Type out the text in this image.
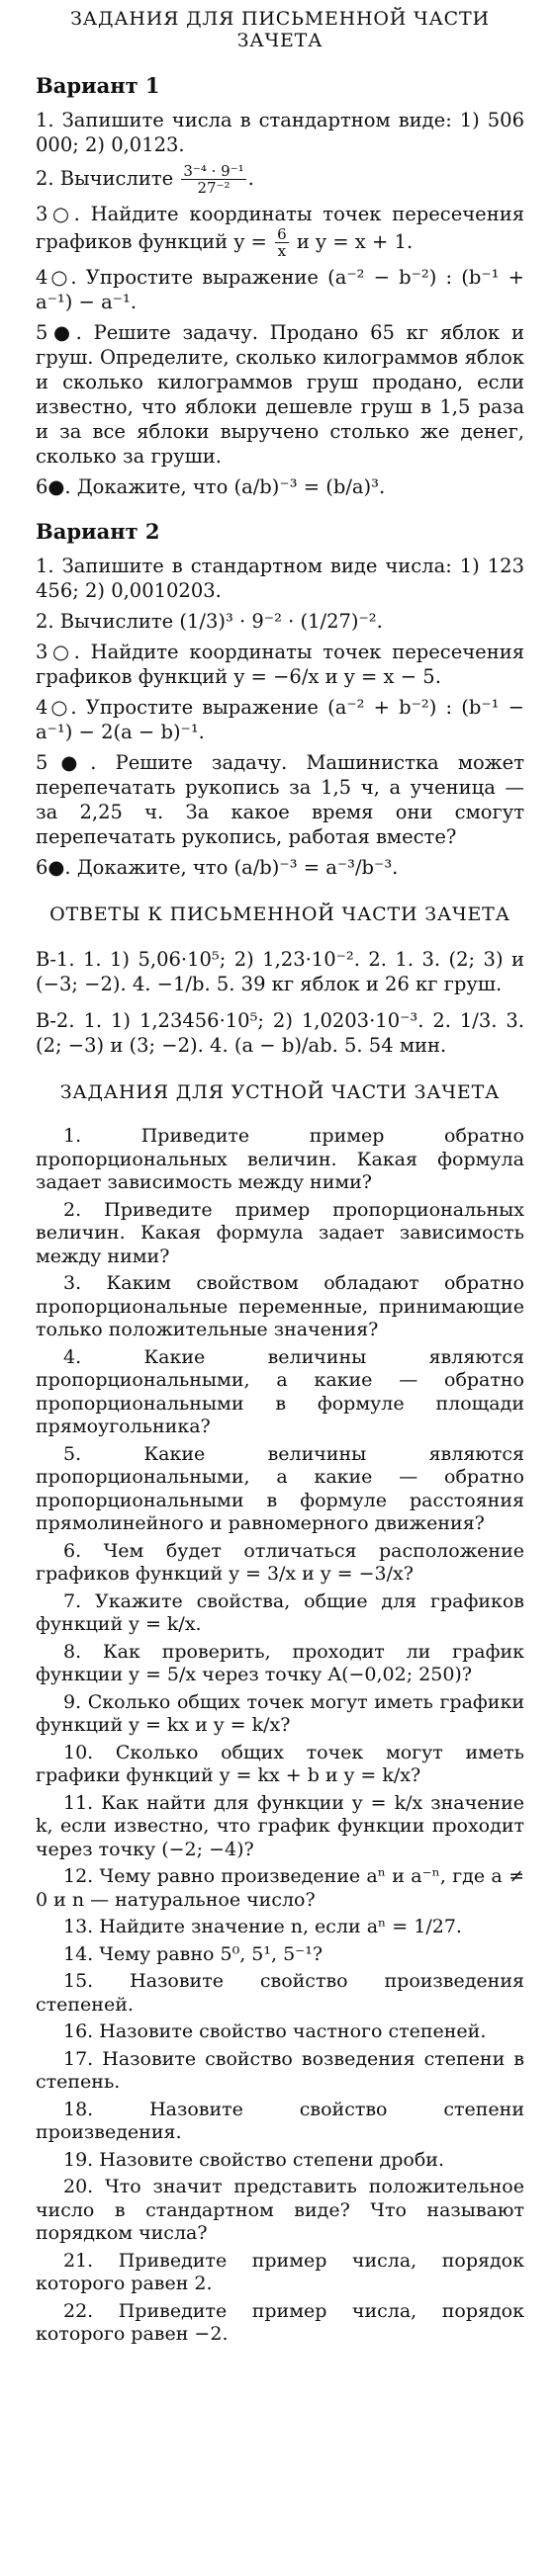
ЗАДАНИЯ ДЛЯ ПИСЬМЕННОЙ ЧАСТИ ЗАЧЕТА
Вариант 1

1. Запишите числа в стандартном виде: 1) 506 000; 2) 0,0123.

2. Вычислите $\frac{\text{3⁻⁴ · 9⁻¹}}{\text{27⁻²}}$ .

3○. Найдите координаты точек пересечения графиков функций $y = \frac{6}{x}$ и y = x + 1.

4○. Упростите выражение (a⁻² − b⁻²) : (b⁻¹ + a⁻¹) − a⁻¹.

5●. Решите задачу. Продано 65 кг яблок и груш. Определите, сколько килограммов яблок и сколько килограммов груш продано, если известно, что яблоки дешевле груш в 1,5 раза и за все яблоки выручено столько же денег, сколько за груши.

6●. Докажите, что (a/b)⁻³ = (b/a)³.

Вариант 2

1. Запишите в стандартном виде числа: 1) 123 456; 2) 0,0010203.

2. Вычислите (1/3)³ · 9⁻² · (1/27)⁻².

3○. Найдите координаты точек пересечения графиков функций y = −6/x и y = x − 5.

4○. Упростите выражение (a⁻² + b⁻²) : (b⁻¹ − a⁻¹) − 2(a − b)⁻¹.

5●. Решите задачу. Машинистка может перепечатать рукопись за 1,5 ч, а ученица — за 2,25 ч. За какое время они смогут перепечатать рукопись, работая вместе?

6●. Докажите, что (a/b)⁻³ = a⁻³/b⁻³.

ОТВЕТЫ К ПИСЬМЕННОЙ ЧАСТИ ЗАЧЕТА

В-1. 1. 1) 5,06·10⁵; 2) 1,23·10⁻². 2. 1. 3. (2; 3) и (−3; −2). 4. −1/b. 5. 39 кг яблок и 26 кг груш.

В-2. 1. 1) 1,23456·10⁵; 2) 1,0203·10⁻³. 2. 1/3. 3. (2; −3) и (3; −2). 4. (a − b)/ab. 5. 54 мин.

ЗАДАНИЯ ДЛЯ УСТНОЙ ЧАСТИ ЗАЧЕТА

1. Приведите пример обратно пропорциональных величин. Какая формула задает зависимость между ними?

2. Приведите пример пропорциональных величин. Какая формула задает зависимость между ними?

3. Каким свойством обладают обратно пропорциональные переменные, принимающие только положительные значения?

4. Какие величины являются пропорциональными, а какие — обратно пропорциональными в формуле площади прямоугольника?

5. Какие величины являются пропорциональными, а какие — обратно пропорциональными в формуле расстояния прямолинейного и равномерного движения?

6. Чем будет отличаться расположение графиков функций y = 3/x и y = −3/x?

7. Укажите свойства, общие для графиков функций y = k/x.

8. Как проверить, проходит ли график функции y = 5/x через точку A(−0,02; 250)?

9. Сколько общих точек могут иметь графики функций y = kx и y = k/x?

10. Сколько общих точек могут иметь графики функций y = kx + b и y = k/x?

11. Как найти для функции y = k/x значение k, если известно, что график функции проходит через точку (−2; −4)?

12. Чему равно произведение aⁿ и a⁻ⁿ, где a ≠ 0 и n — натуральное число?

13. Найдите значение n, если aⁿ = 1/27.

14. Чему равно 5⁰, 5¹, 5⁻¹?

15. Назовите свойство произведения степеней.

16. Назовите свойство частного степеней.

17. Назовите свойство возведения степени в степень.

18. Назовите свойство степени произведения.

19. Назовите свойство степени дроби.

20. Что значит представить положительное число в стандартном виде? Что называют порядком числа?

21. Приведите пример числа, порядок которого равен 2.

22. Приведите пример числа, порядок которого равен −2.
